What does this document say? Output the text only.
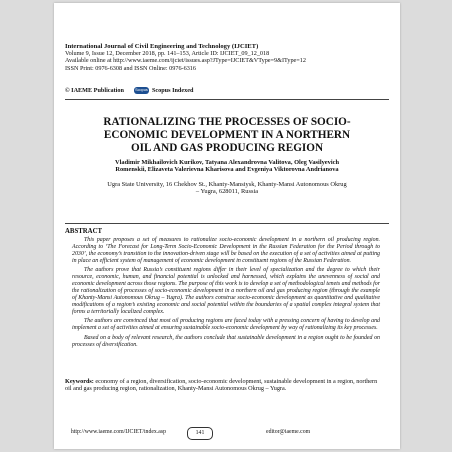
International Journal of Civil Engineering and Technology (IJCIET)
Volume 9, Issue 12, December 2018, pp. 141–153, Article ID: IJCIET_09_12_018
Available online at http://www.iaeme.com/ijciet/issues.asp?JType=IJCIET&VType=9&IType=12
ISSN Print: 0976-6308 and ISSN Online: 0976-6316
© IAEME Publication	Scopus Scopus Indexed
RATIONALIZING THE PROCESSES OF SOCIO-
ECONOMIC DEVELOPMENT IN A NORTHERN
OIL AND GAS PRODUCING REGION
Vladimir Mikhailovich Kurikov, Tatyana Alexandrovna Valitova, Oleg Vasilyevich
Romenskii, Elizaveta Valerievna Kharisova and Evgeniya Viktorovna Andrianova
Ugra State University, 16 Chekhov St., Khanty-Mansiysk, Khanty-Mansi Autonomous Okrug
– Yugra, 628011, Russia
ABSTRACT

This paper proposes a set of measures to rationalize socio-economic development in a northern oil producing region. According to ‘The Forecast for Long-Term Socio-Economic Development in the Russian Federation for the Period through to 2030’, the economy’s transition to the innovation-driven stage will be based on the execution of a set of activities aimed at putting in place an efficient system of management of economic development in constituent regions of the Russian Federation.

The authors prove that Russia’s constituent regions differ in their level of specialization and the degree to which their resource, economic, human, and financial potential is unlocked and harnessed, which explains the unevenness of social and economic development across those regions. The purpose of this work is to develop a set of methodological tenets and methods for the rationalization of processes of socio-economic development in a northern oil and gas producing region (through the example of Khanty-Mansi Autonomous Okrug – Yugra). The authors construe socio-economic development as quantitative and qualitative modifications of a region’s existing economic and social potential within the boundaries of a spatial complex integral system that forms a territorially localized complex.

The authors are convinced that most oil producing regions are faced today with a pressing concern of having to develop and implement a set of activities aimed at ensuring sustainable socio-economic development by way of rationalizing its key processes.

Based on a body of relevant research, the authors conclude that sustainable development in a region ought to be founded on processes of diversification.

Keywords: economy of a region, diversification, socio-economic development, sustainable development in a region, northern oil and gas producing region, rationalization, Khanty-Mansi Autonomous Okrug – Yugra.
http://www.iaeme.com/IJCIET/index.asp	141	editor@iaeme.com
